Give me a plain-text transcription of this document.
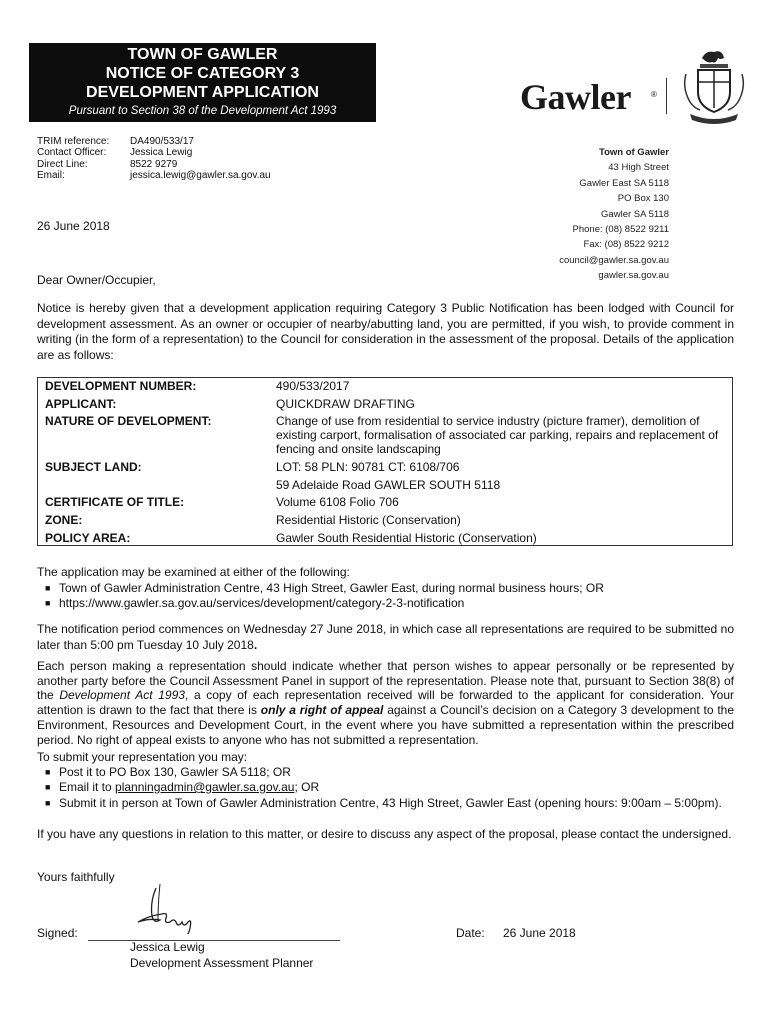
TOWN OF GAWLER
NOTICE OF CATEGORY 3
DEVELOPMENT APPLICATION
Pursuant to Section 38 of the Development Act 1993	Gawler	®
TRIM reference:	DA490/533/17
Contact Officer:	Jessica Lewig
Direct Line:	8522 9279
Email:	jessica.lewig@gawler.sa.gov.au
Town of Gawler
43 High Street
Gawler East SA 5118
PO Box 130
Gawler SA 5118
Phone: (08) 8522 9211
Fax: (08) 8522 9212
council@gawler.sa.gov.au
gawler.sa.gov.au
26 June 2018
Dear Owner/Occupier,
Notice is hereby given that a development application requiring Category 3 Public Notification has been lodged with Council for development assessment. As an owner or occupier of nearby/abutting land, you are permitted, if you wish, to provide comment in writing (in the form of a representation) to the Council for consideration in the assessment of the proposal. Details of the application are as follows:
DEVELOPMENT NUMBER:	490/533/2017
APPLICANT:	QUICKDRAW DRAFTING
NATURE OF DEVELOPMENT:	Change of use from residential to service industry (picture framer), demolition of existing carport, formalisation of associated car parking, repairs and replacement of fencing and onsite landscaping
SUBJECT LAND:	LOT: 58 PLN: 90781 CT: 6108/706
59 Adelaide Road GAWLER SOUTH 5118
CERTIFICATE OF TITLE:	Volume 6108 Folio 706
ZONE:	Residential Historic (Conservation)
POLICY AREA:	Gawler South Residential Historic (Conservation)
The application may be examined at either of the following:
■ Town of Gawler Administration Centre, 43 High Street, Gawler East, during normal business hours; OR
■ https://www.gawler.sa.gov.au/services/development/category-2-3-notification
The notification period commences on Wednesday 27 June 2018, in which case all representations are required to be submitted no later than 5:00 pm Tuesday 10 July 2018.
Each person making a representation should indicate whether that person wishes to appear personally or be represented by another party before the Council Assessment Panel in support of the representation. Please note that, pursuant to Section 38(8) of the Development Act 1993, a copy of each representation received will be forwarded to the applicant for consideration. Your attention is drawn to the fact that there is only a right of appeal against a Council’s decision on a Category 3 development to the Environment, Resources and Development Court, in the event where you have submitted a representation within the prescribed period. No right of appeal exists to anyone who has not submitted a representation.
To submit your representation you may:
■ Post it to PO Box 130, Gawler SA 5118; OR
■ Email it to planningadmin@gawler.sa.gov.au; OR
■ Submit it in person at Town of Gawler Administration Centre, 43 High Street, Gawler East (opening hours: 9:00am – 5:00pm).
If you have any questions in relation to this matter, or desire to discuss any aspect of the proposal, please contact the undersigned.
Yours faithfully
Signed:
Jessica Lewig
Development Assessment Planner
Date: 26 June 2018
